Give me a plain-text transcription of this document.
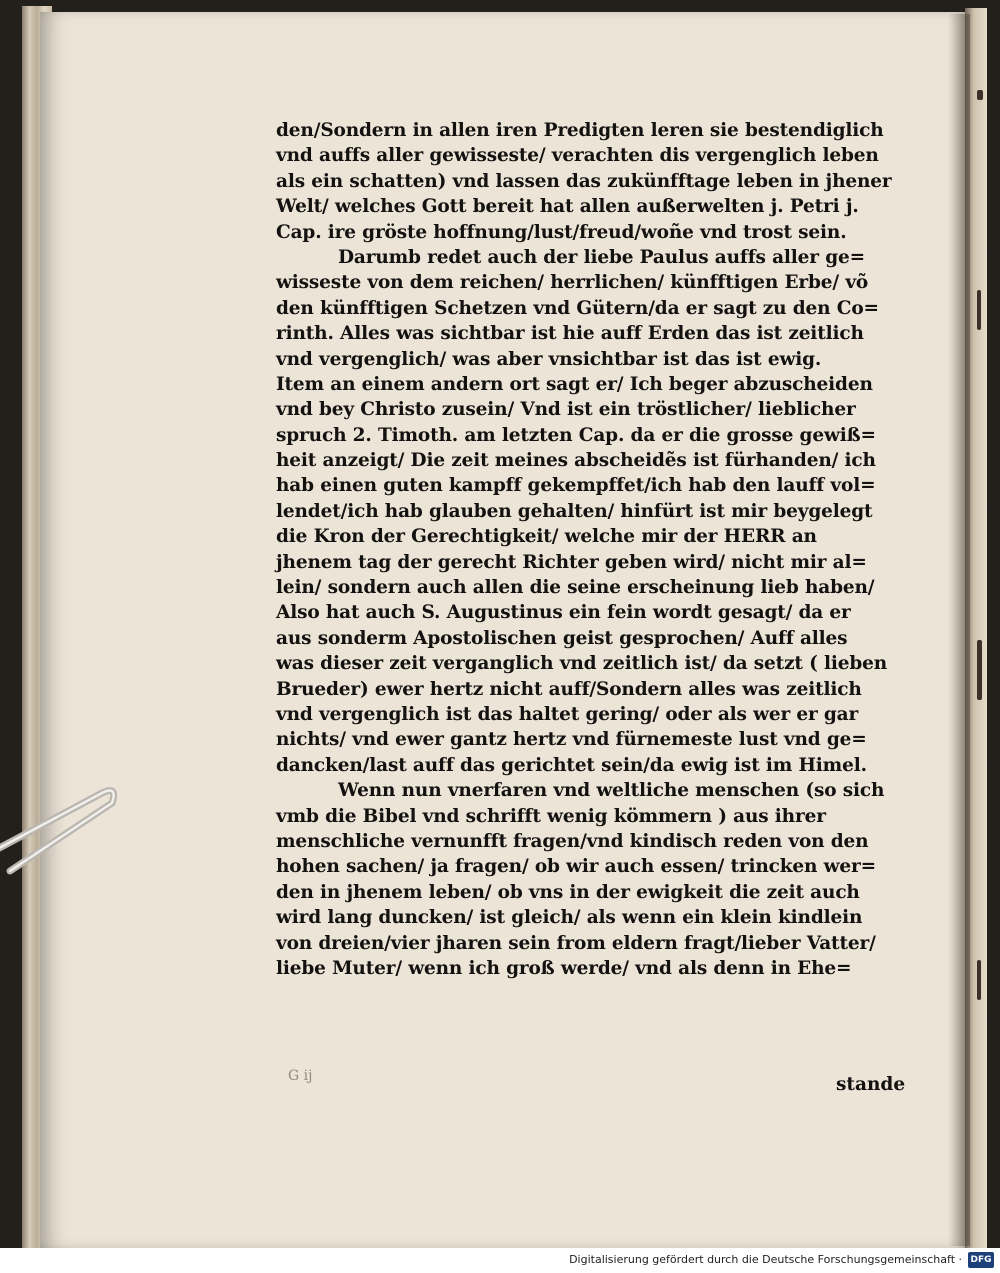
den/Sondern in allen iren Predigten leren sie bestendiglich
vnd auffs aller gewisseste/ verachten dis vergenglich leben
als ein schatten) vnd lassen das zukünfftage leben in jhener
Welt/ welches Gott bereit hat allen außerwelten j. Petri j.
Cap. ire gröste hoffnung/lust/freud/woñe vnd trost sein.
Darumb redet auch der liebe Paulus auffs aller ge=
wisseste von dem reichen/ herrlichen/ künfftigen Erbe/ võ
den künfftigen Schetzen vnd Gütern/da er sagt zu den Co=
rinth. Alles was sichtbar ist hie auff Erden das ist zeitlich
vnd vergenglich/ was aber vnsichtbar ist das ist ewig.
Item an einem andern ort sagt er/ Ich beger abzuscheiden
vnd bey Christo zusein/ Vnd ist ein tröstlicher/ lieblicher
spruch 2. Timoth. am letzten Cap. da er die grosse gewiß=
heit anzeigt/ Die zeit meines abscheidẽs ist fürhanden/ ich
hab einen guten kampff gekempffet/ich hab den lauff vol=
lendet/ich hab glauben gehalten/ hinfürt ist mir beygelegt
die Kron der Gerechtigkeit/ welche mir der HERR an
jhenem tag der gerecht Richter geben wird/ nicht mir al=
lein/ sondern auch allen die seine erscheinung lieb haben/
Also hat auch S. Augustinus ein fein wordt gesagt/ da er
aus sonderm Apostolischen geist gesprochen/ Auff alles
was dieser zeit verganglich vnd zeitlich ist/ da setzt ( lieben
Brueder) ewer hertz nicht auff/Sondern alles was zeitlich
vnd vergenglich ist das haltet gering/ oder als wer er gar
nichts/ vnd ewer gantz hertz vnd fürnemeste lust vnd ge=
dancken/last auff das gerichtet sein/da ewig ist im Himel.
Wenn nun vnerfaren vnd weltliche menschen (so sich
vmb die Bibel vnd schrifft wenig kömmern ) aus ihrer
menschliche vernunfft fragen/vnd kindisch reden von den
hohen sachen/ ja fragen/ ob wir auch essen/ trincken wer=
den in jhenem leben/ ob vns in der ewigkeit die zeit auch
wird lang duncken/ ist gleich/ als wenn ein klein kindlein
von dreien/vier jharen sein from eldern fragt/lieber Vatter/
liebe Muter/ wenn ich groß werde/ vnd als denn in Ehe=
G ij	stande
Digitalisierung gefördert durch die Deutsche Forschungsgemeinschaft · DFG
